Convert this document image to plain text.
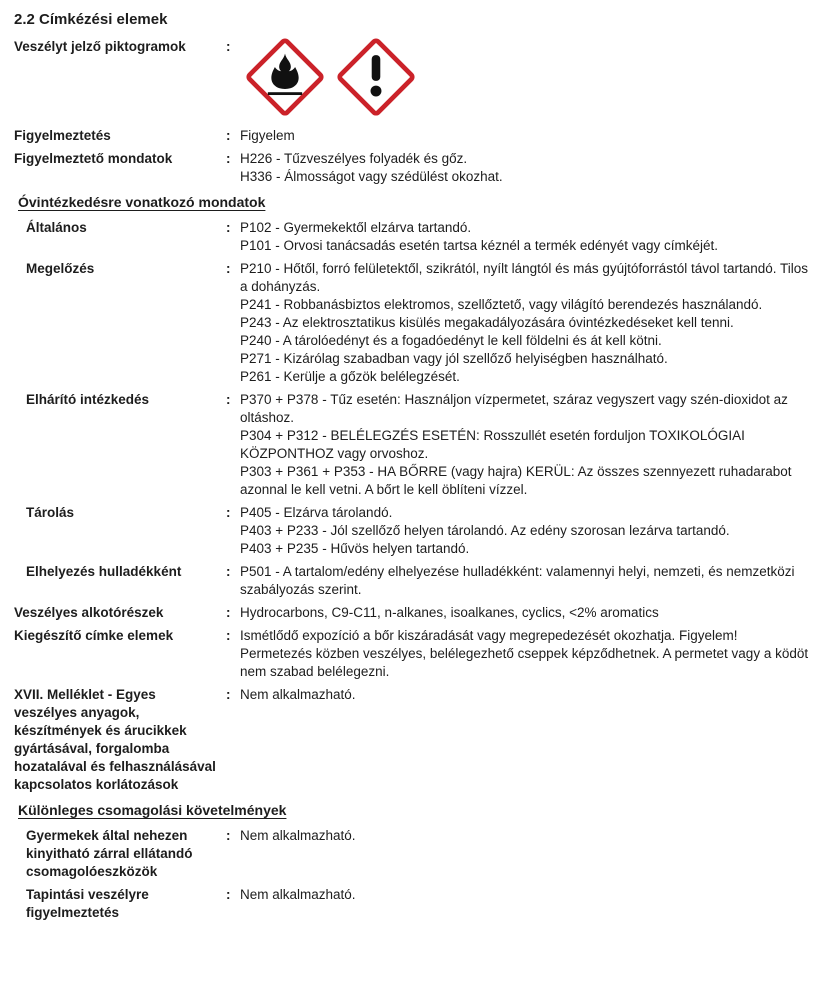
2.2 Címkézési elemek
Veszélyt jelző piktogramok	:
Figyelmeztetés	: Figyelem
Figyelmeztető mondatok	: H226 - Tűzveszélyes folyadék és gőz.
H336 - Álmosságot vagy szédülést okozhat.
Óvintézkedésre vonatkozó mondatok
Általános	: P102 - Gyermekektől elzárva tartandó.
P101 - Orvosi tanácsadás esetén tartsa kéznél a termék edényét vagy címkéjét.
Megelőzés	: P210 - Hőtől, forró felületektől, szikrától, nyílt lángtól és más gyújtóforrástól távol tartandó. Tilos a dohányzás.
P241 - Robbanásbiztos elektromos, szellőztető, vagy világító berendezés használandó.
P243 - Az elektrosztatikus kisülés megakadályozására óvintézkedéseket kell tenni.
P240 - A tárolóedényt és a fogadóedényt le kell földelni és át kell kötni.
P271 - Kizárólag szabadban vagy jól szellőző helyiségben használható.
P261 - Kerülje a gőzök belélegzését.
Elhárító intézkedés	: P370 + P378 - Tűz esetén: Használjon vízpermetet, száraz vegyszert vagy szén-dioxidot az oltáshoz.
P304 + P312 - BELÉLEGZÉS ESETÉN: Rosszullét esetén forduljon TOXIKOLÓGIAI KÖZPONTHOZ vagy orvoshoz.
P303 + P361 + P353 - HA BŐRRE (vagy hajra) KERÜL: Az összes szennyezett ruhadarabot azonnal le kell vetni. A bőrt le kell öblíteni vízzel.
Tárolás	: P405 - Elzárva tárolandó.
P403 + P233 - Jól szellőző helyen tárolandó. Az edény szorosan lezárva tartandó.
P403 + P235 - Hűvös helyen tartandó.
Elhelyezés hulladékként	: P501 - A tartalom/edény elhelyezése hulladékként: valamennyi helyi, nemzeti, és nemzetközi szabályozás szerint.
Veszélyes alkotórészek	: Hydrocarbons, C9-C11, n-alkanes, isoalkanes, cyclics, <2% aromatics
Kiegészítő címke elemek	: Ismétlődő expozíció a bőr kiszáradását vagy megrepedezését okozhatja. Figyelem! Permetezés közben veszélyes, belélegezhető cseppek képződhetnek. A permetet vagy a ködöt nem szabad belélegezni.
XVII. Melléklet - Egyes veszélyes anyagok, készítmények és árucikkek gyártásával, forgalomba hozatalával és felhasználásával kapcsolatos korlátozások
: Nem alkalmazható.
Különleges csomagolási követelmények
Gyermekek által nehezen kinyitható zárral ellátandó csomagolóeszközök
: Nem alkalmazható.
Tapintási veszélyre figyelmeztetés
: Nem alkalmazható.
